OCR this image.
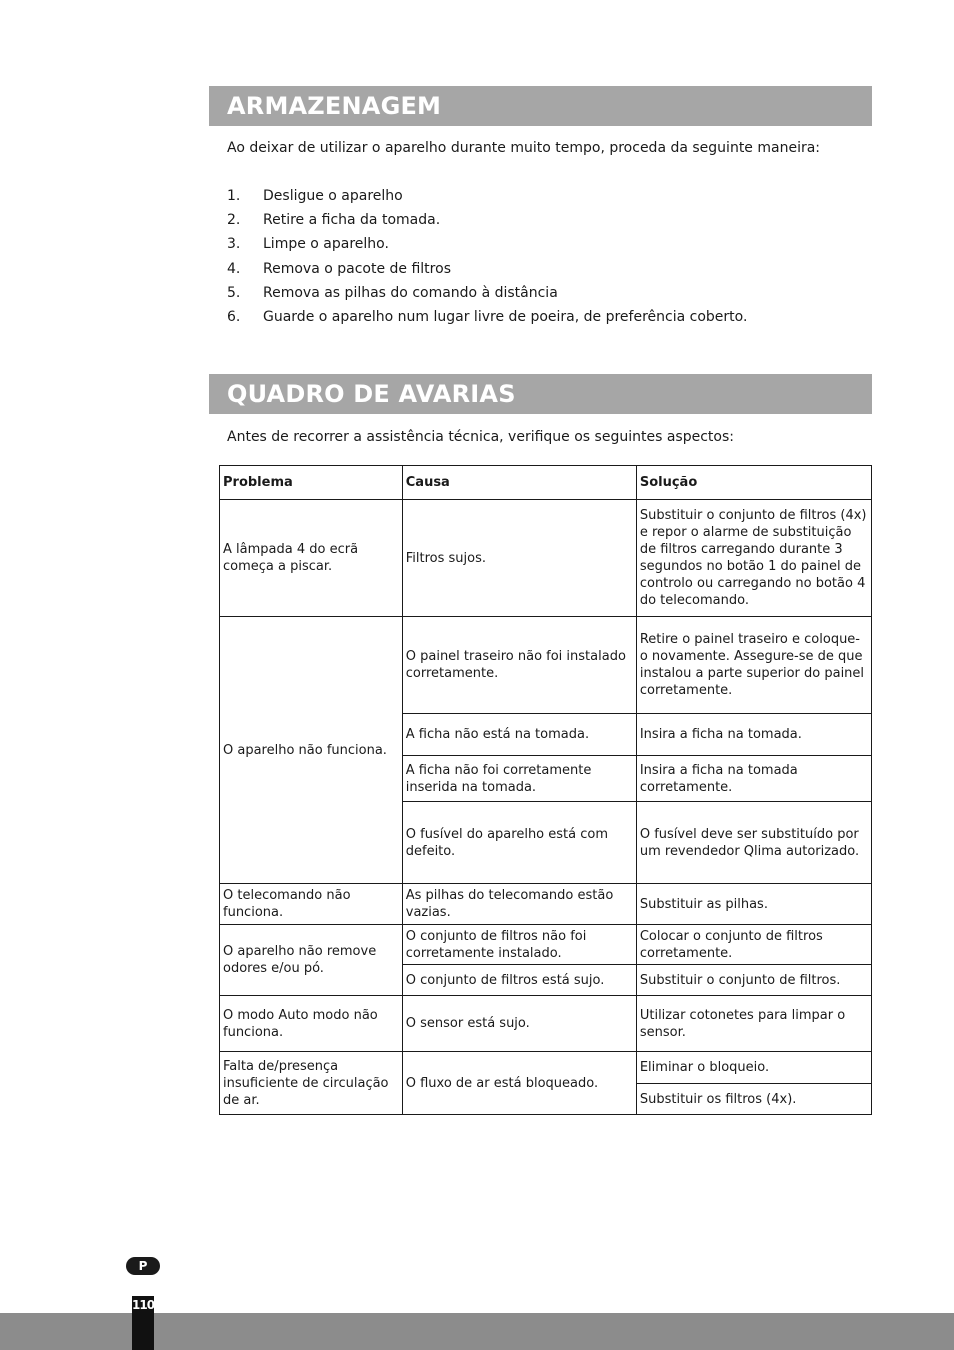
ARMAZENAGEM
Ao deixar de utilizar o aparelho durante muito tempo, proceda da seguinte maneira:
1.	Desligue o aparelho
2.	Retire a ficha da tomada.
3.	Limpe o aparelho.
4.	Remova o pacote de filtros
5.	Remova as pilhas do comando à distância
6.	Guarde o aparelho num lugar livre de poeira, de preferência coberto.
QUADRO DE AVARIAS
Antes de recorrer a assistência técnica, verifique os seguintes aspectos:
Problema	Causa	Solução
A lâmpada 4 do ecrã começa a piscar.	Filtros sujos.	Substituir o conjunto de filtros (4x) e repor o alarme de substituição de filtros carregando durante 3 segundos no botão 1 do painel de controlo ou carregando no botão 4 do telecomando.
O aparelho não funciona.	O painel traseiro não foi instalado corretamente.	Retire o painel traseiro e coloque-o novamente. Assegure-se de que instalou a parte superior do painel corretamente.
	A ficha não está na tomada.	Insira a ficha na tomada.
	A ficha não foi corretamente inserida na tomada.	Insira a ficha na tomada corretamente.
	O fusível do aparelho está com defeito.	O fusível deve ser substituído por um revendedor Qlima autorizado.
O telecomando não funciona.	As pilhas do telecomando estão vazias.	Substituir as pilhas.
O aparelho não remove odores e/ou pó.	O conjunto de filtros não foi corretamente instalado.	Colocar o conjunto de filtros corretamente.
	O conjunto de filtros está sujo.	Substituir o conjunto de filtros.
O modo Auto modo não funciona.	O sensor está sujo.	Utilizar cotonetes para limpar o sensor.
Falta de/presença insuficiente de circulação de ar.	O fluxo de ar está bloqueado.	Eliminar o bloqueio.
		Substituir os filtros (4x).
P
110
